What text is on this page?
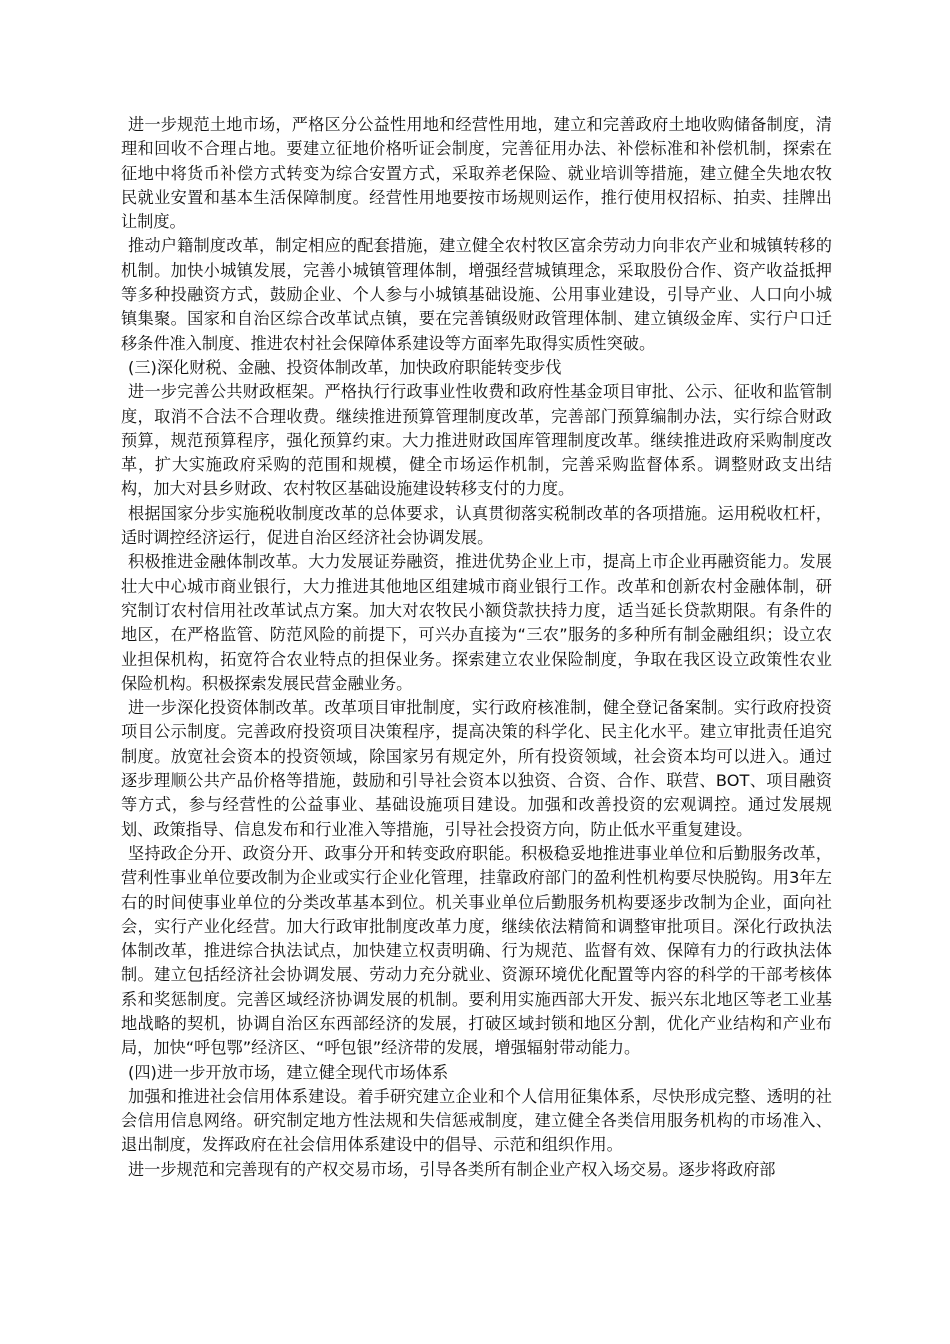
进一步规范土地市场，严格区分公益性用地和经营性用地，建立和完善政府土地收购储备制度，清理和回收不合理占地。要建立征地价格听证会制度，完善征用办法、补偿标准和补偿机制，探索在征地中将货币补偿方式转变为综合安置方式，采取养老保险、就业培训等措施，建立健全失地农牧民就业安置和基本生活保障制度。经营性用地要按市场规则运作，推行使用权招标、拍卖、挂牌出让制度。

推动户籍制度改革，制定相应的配套措施，建立健全农村牧区富余劳动力向非农产业和城镇转移的机制。加快小城镇发展，完善小城镇管理体制，增强经营城镇理念，采取股份合作、资产收益抵押等多种投融资方式，鼓励企业、个人参与小城镇基础设施、公用事业建设，引导产业、人口向小城镇集聚。国家和自治区综合改革试点镇，要在完善镇级财政管理体制、建立镇级金库、实行户口迁移条件准入制度、推进农村社会保障体系建设等方面率先取得实质性突破。

(三)深化财税、金融、投资体制改革，加快政府职能转变步伐

进一步完善公共财政框架。严格执行行政事业性收费和政府性基金项目审批、公示、征收和监管制度，取消不合法不合理收费。继续推进预算管理制度改革，完善部门预算编制办法，实行综合财政预算，规范预算程序，强化预算约束。大力推进财政国库管理制度改革。继续推进政府采购制度改革，扩大实施政府采购的范围和规模，健全市场运作机制，完善采购监督体系。调整财政支出结构，加大对县乡财政、农村牧区基础设施建设转移支付的力度。

根据国家分步实施税收制度改革的总体要求，认真贯彻落实税制改革的各项措施。运用税收杠杆，适时调控经济运行，促进自治区经济社会协调发展。

积极推进金融体制改革。大力发展证券融资，推进优势企业上市，提高上市企业再融资能力。发展壮大中心城市商业银行，大力推进其他地区组建城市商业银行工作。改革和创新农村金融体制，研究制订农村信用社改革试点方案。加大对农牧民小额贷款扶持力度，适当延长贷款期限。有条件的地区，在严格监管、防范风险的前提下，可兴办直接为“三农”服务的多种所有制金融组织；设立农业担保机构，拓宽符合农业特点的担保业务。探索建立农业保险制度，争取在我区设立政策性农业保险机构。积极探索发展民营金融业务。

进一步深化投资体制改革。改革项目审批制度，实行政府核准制，健全登记备案制。实行政府投资项目公示制度。完善政府投资项目决策程序，提高决策的科学化、民主化水平。建立审批责任追究制度。放宽社会资本的投资领域，除国家另有规定外，所有投资领域，社会资本均可以进入。通过逐步理顺公共产品价格等措施，鼓励和引导社会资本以独资、合资、合作、联营、BOT、项目融资等方式，参与经营性的公益事业、基础设施项目建设。加强和改善投资的宏观调控。通过发展规划、政策指导、信息发布和行业准入等措施，引导社会投资方向，防止低水平重复建设。

坚持政企分开、政资分开、政事分开和转变政府职能。积极稳妥地推进事业单位和后勤服务改革，营利性事业单位要改制为企业或实行企业化管理，挂靠政府部门的盈利性机构要尽快脱钩。用3年左右的时间使事业单位的分类改革基本到位。机关事业单位后勤服务机构要逐步改制为企业，面向社会，实行产业化经营。加大行政审批制度改革力度，继续依法精简和调整审批项目。深化行政执法体制改革，推进综合执法试点，加快建立权责明确、行为规范、监督有效、保障有力的行政执法体制。建立包括经济社会协调发展、劳动力充分就业、资源环境优化配置等内容的科学的干部考核体系和奖惩制度。完善区域经济协调发展的机制。要利用实施西部大开发、振兴东北地区等老工业基地战略的契机，协调自治区东西部经济的发展，打破区域封锁和地区分割，优化产业结构和产业布局，加快“呼包鄂”经济区、“呼包银”经济带的发展，增强辐射带动能力。

(四)进一步开放市场，建立健全现代市场体系

加强和推进社会信用体系建设。着手研究建立企业和个人信用征集体系，尽快形成完整、透明的社会信用信息网络。研究制定地方性法规和失信惩戒制度，建立健全各类信用服务机构的市场准入、退出制度，发挥政府在社会信用体系建设中的倡导、示范和组织作用。

进一步规范和完善现有的产权交易市场，引导各类所有制企业产权入场交易。逐步将政府部
